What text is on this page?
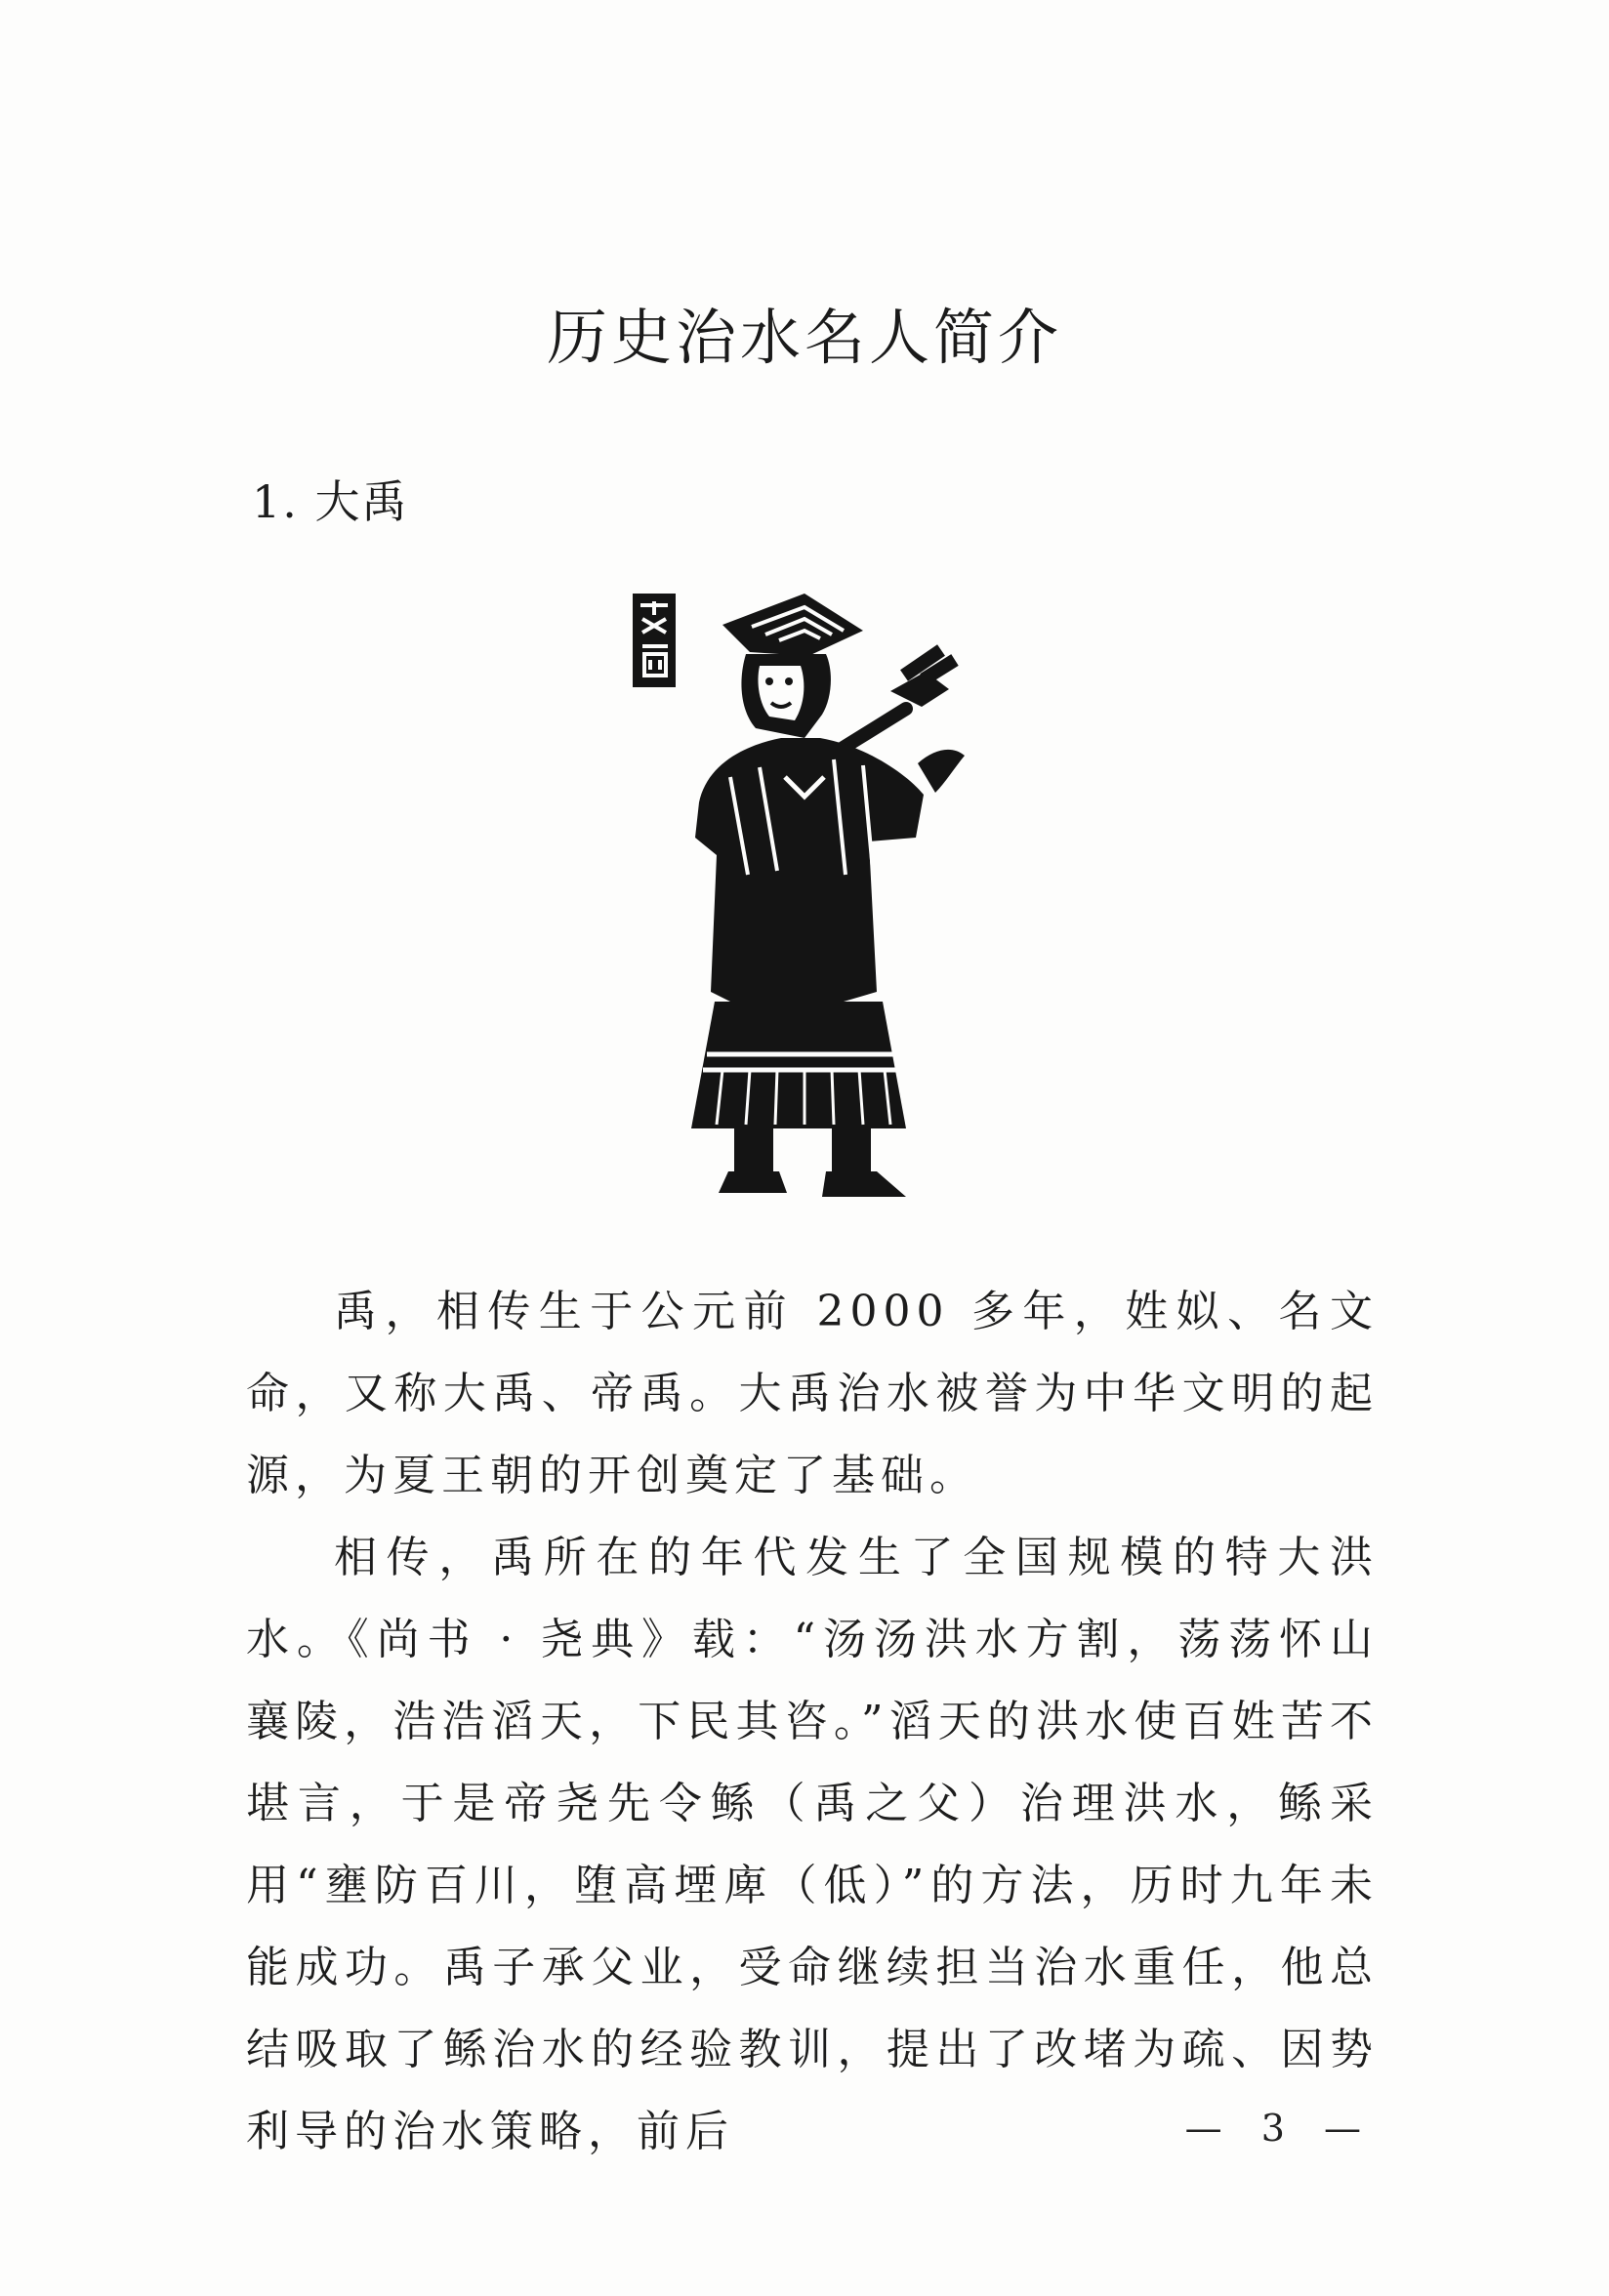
历史治水名人简介
1. 大禹

禹，相传生于公元前 2000 多年，姓姒、名文命，又称大禹、帝禹。大禹治水被誉为中华文明的起源，为夏王朝的开创奠定了基础。

相传，禹所在的年代发生了全国规模的特大洪水。《尚书 · 尧典》载：“汤汤洪水方割，荡荡怀山襄陵，浩浩滔天，下民其咨。”滔天的洪水使百姓苦不堪言，于是帝尧先令鲧（禹之父）治理洪水，鲧采用“壅防百川，堕高堙庳（低）”的方法，历时九年未能成功。禹子承父业，受命继续担当治水重任，他总结吸取了鲧治水的经验教训，提出了改堵为疏、因势利导的治水策略，前后	— 3 —
